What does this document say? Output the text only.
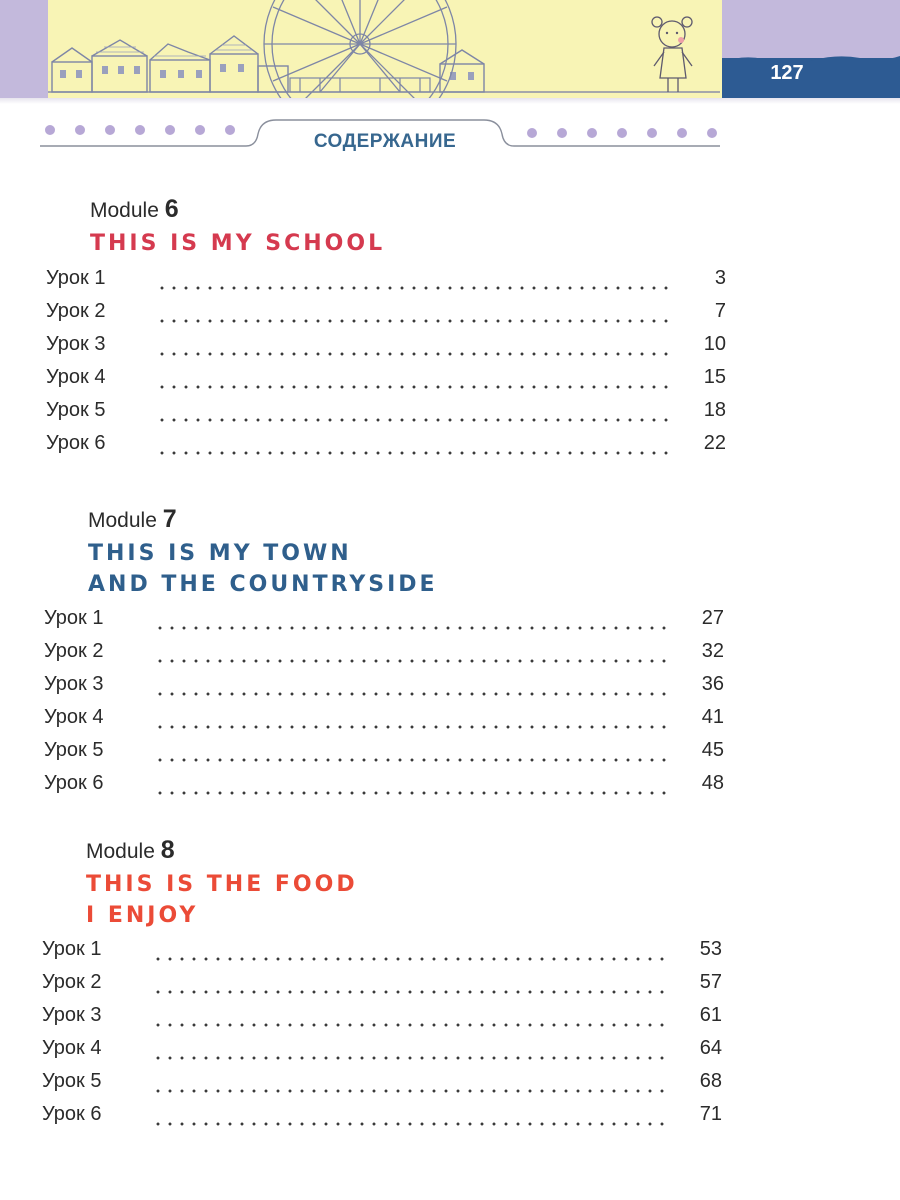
127
СОДЕРЖАНИЕ
Module 6
THIS IS MY SCHOOL
Урок 1	3
Урок 2	7
Урок 3	10
Урок 4	15
Урок 5	18
Урок 6	22
Module 7
THIS IS MY TOWN
AND THE COUNTRYSIDE
Урок 1	27
Урок 2	32
Урок 3	36
Урок 4	41
Урок 5	45
Урок 6	48
Module 8
THIS IS THE FOOD
I ENJOY
Урок 1	53
Урок 2	57
Урок 3	61
Урок 4	64
Урок 5	68
Урок 6	71
